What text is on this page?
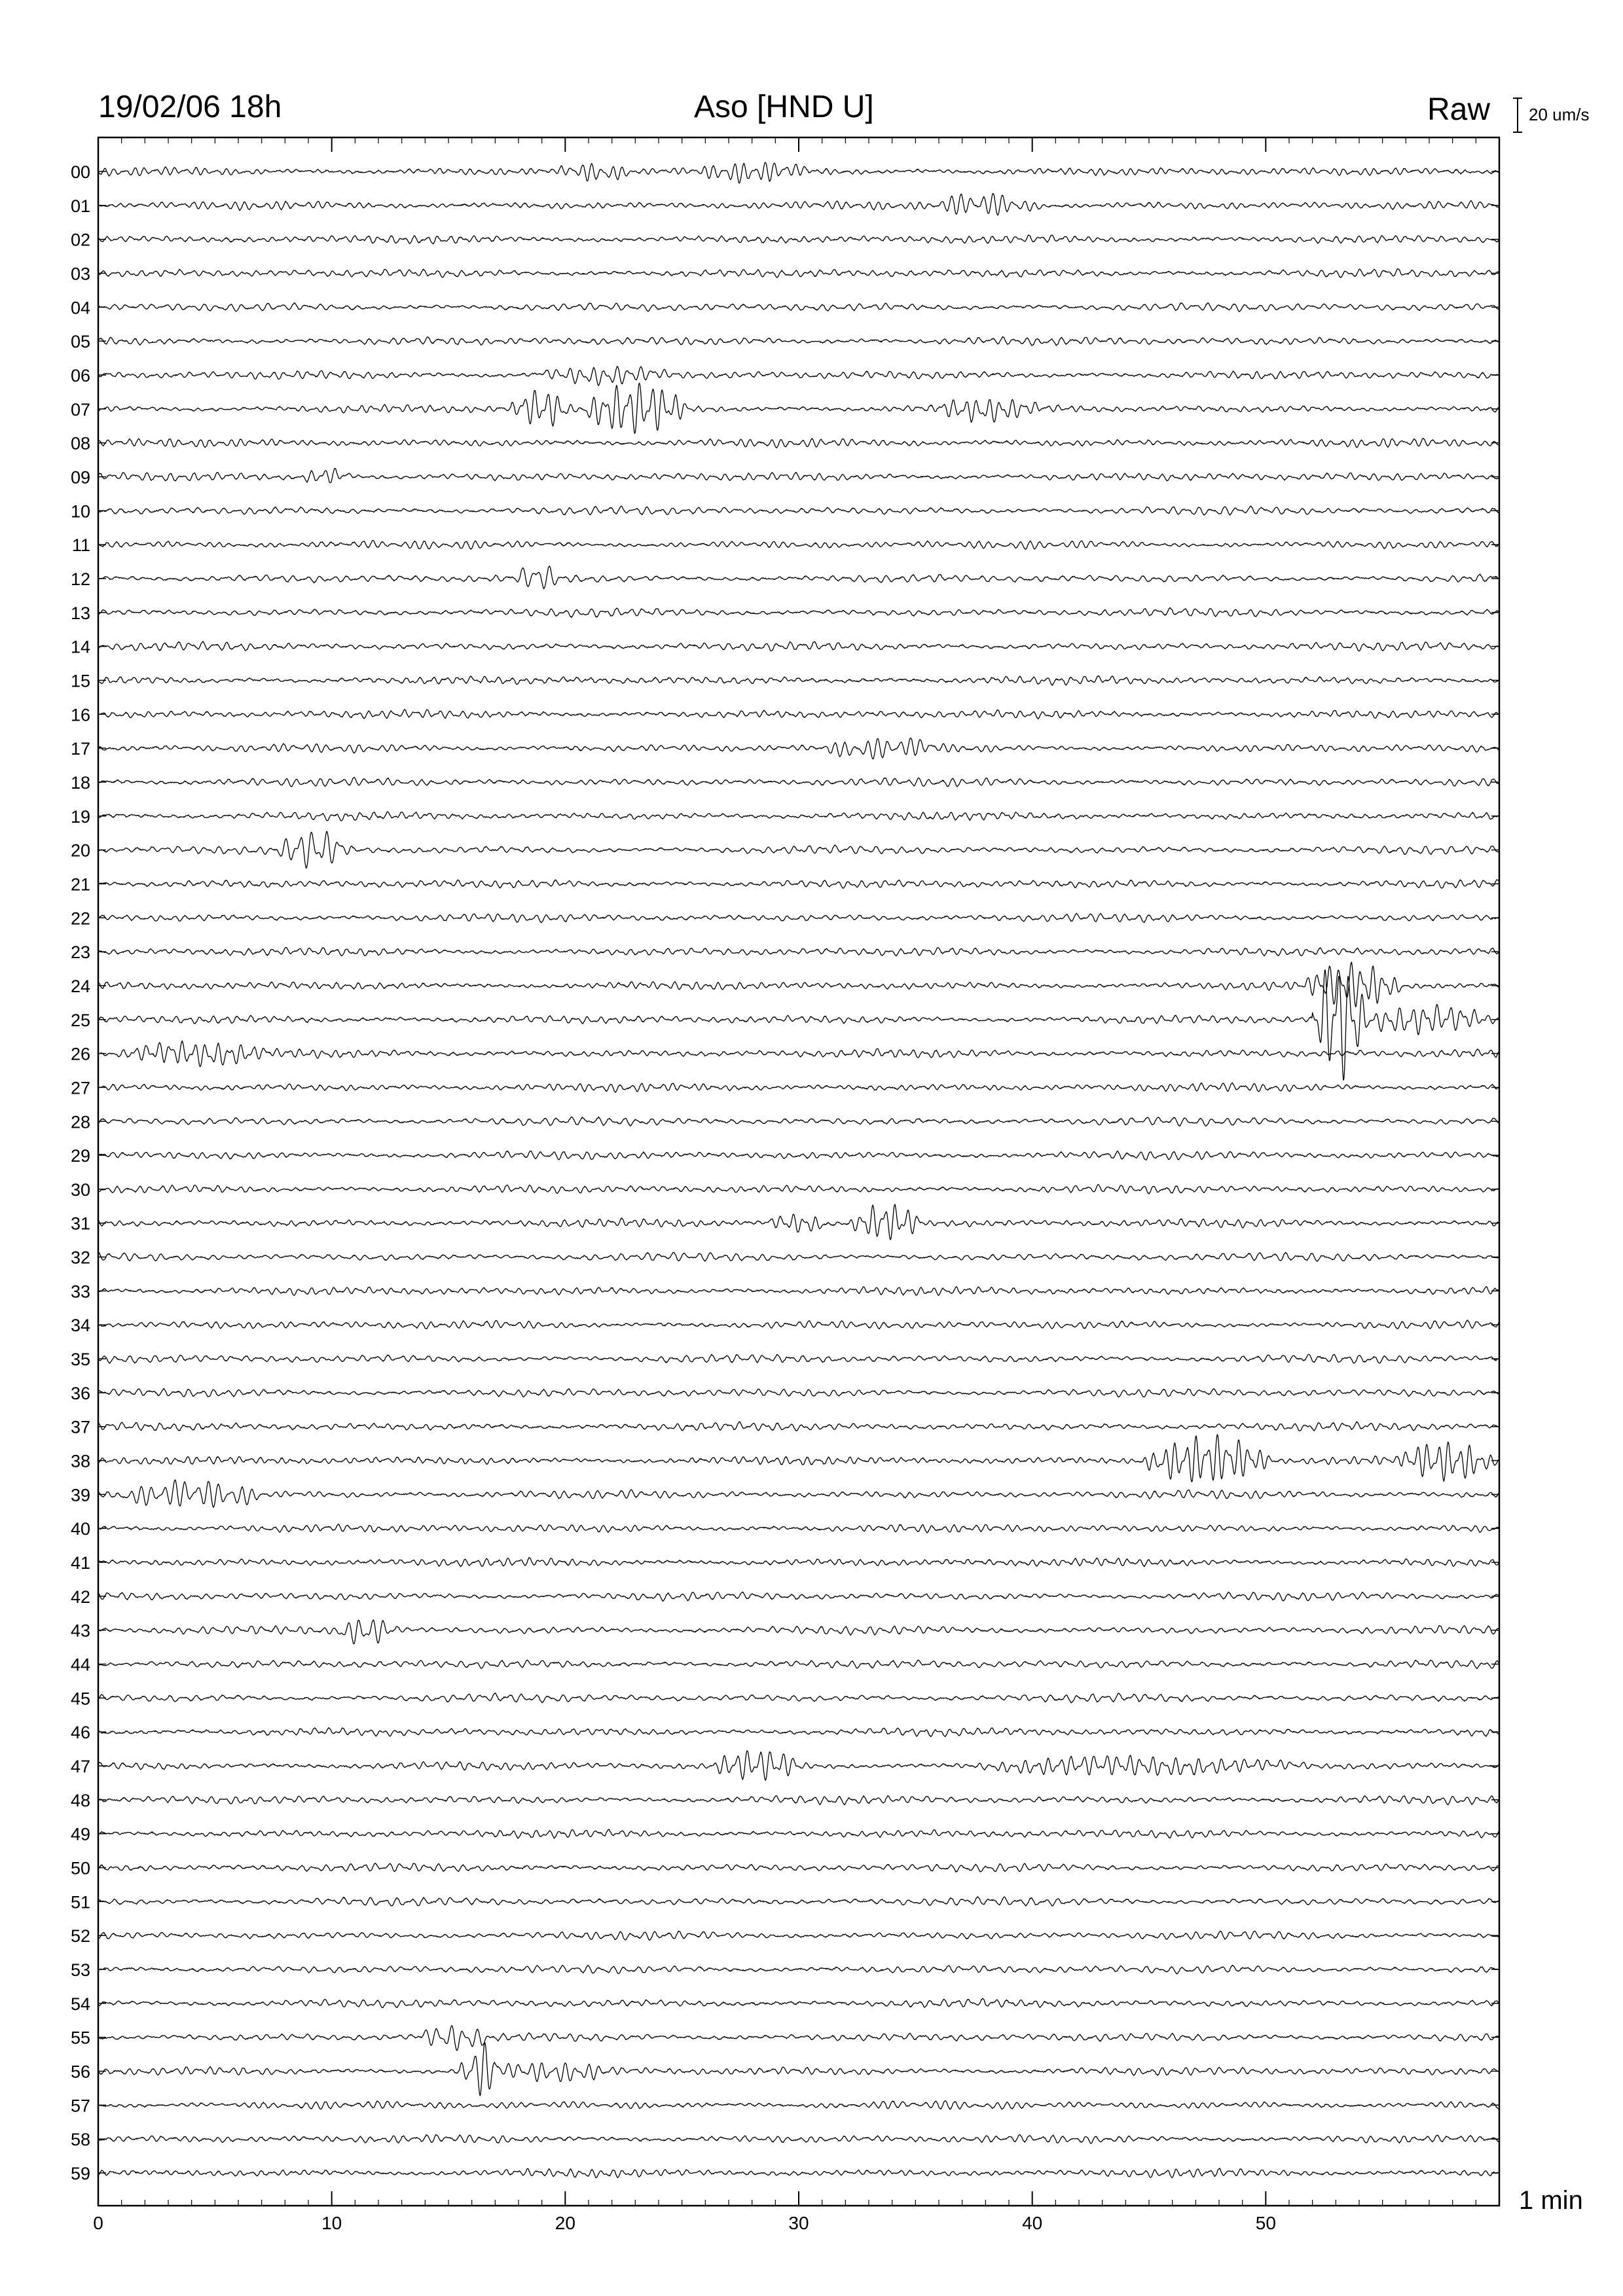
19/02/06 18h	Aso [HND U]	Raw 20 um/s
1 min
0	10	20	30	40	50
00
01
02
03
04
05
06
07
08
09
10
11
12
13
14
15
16
17
18
19
20
21
22
23
24
25
26
27
28
29
30
31
32
33
34
35
36
37
38
39
40
41
42
43
44
45
46
47
48
49
50
51
52
53
54
55
56
57
58
59
